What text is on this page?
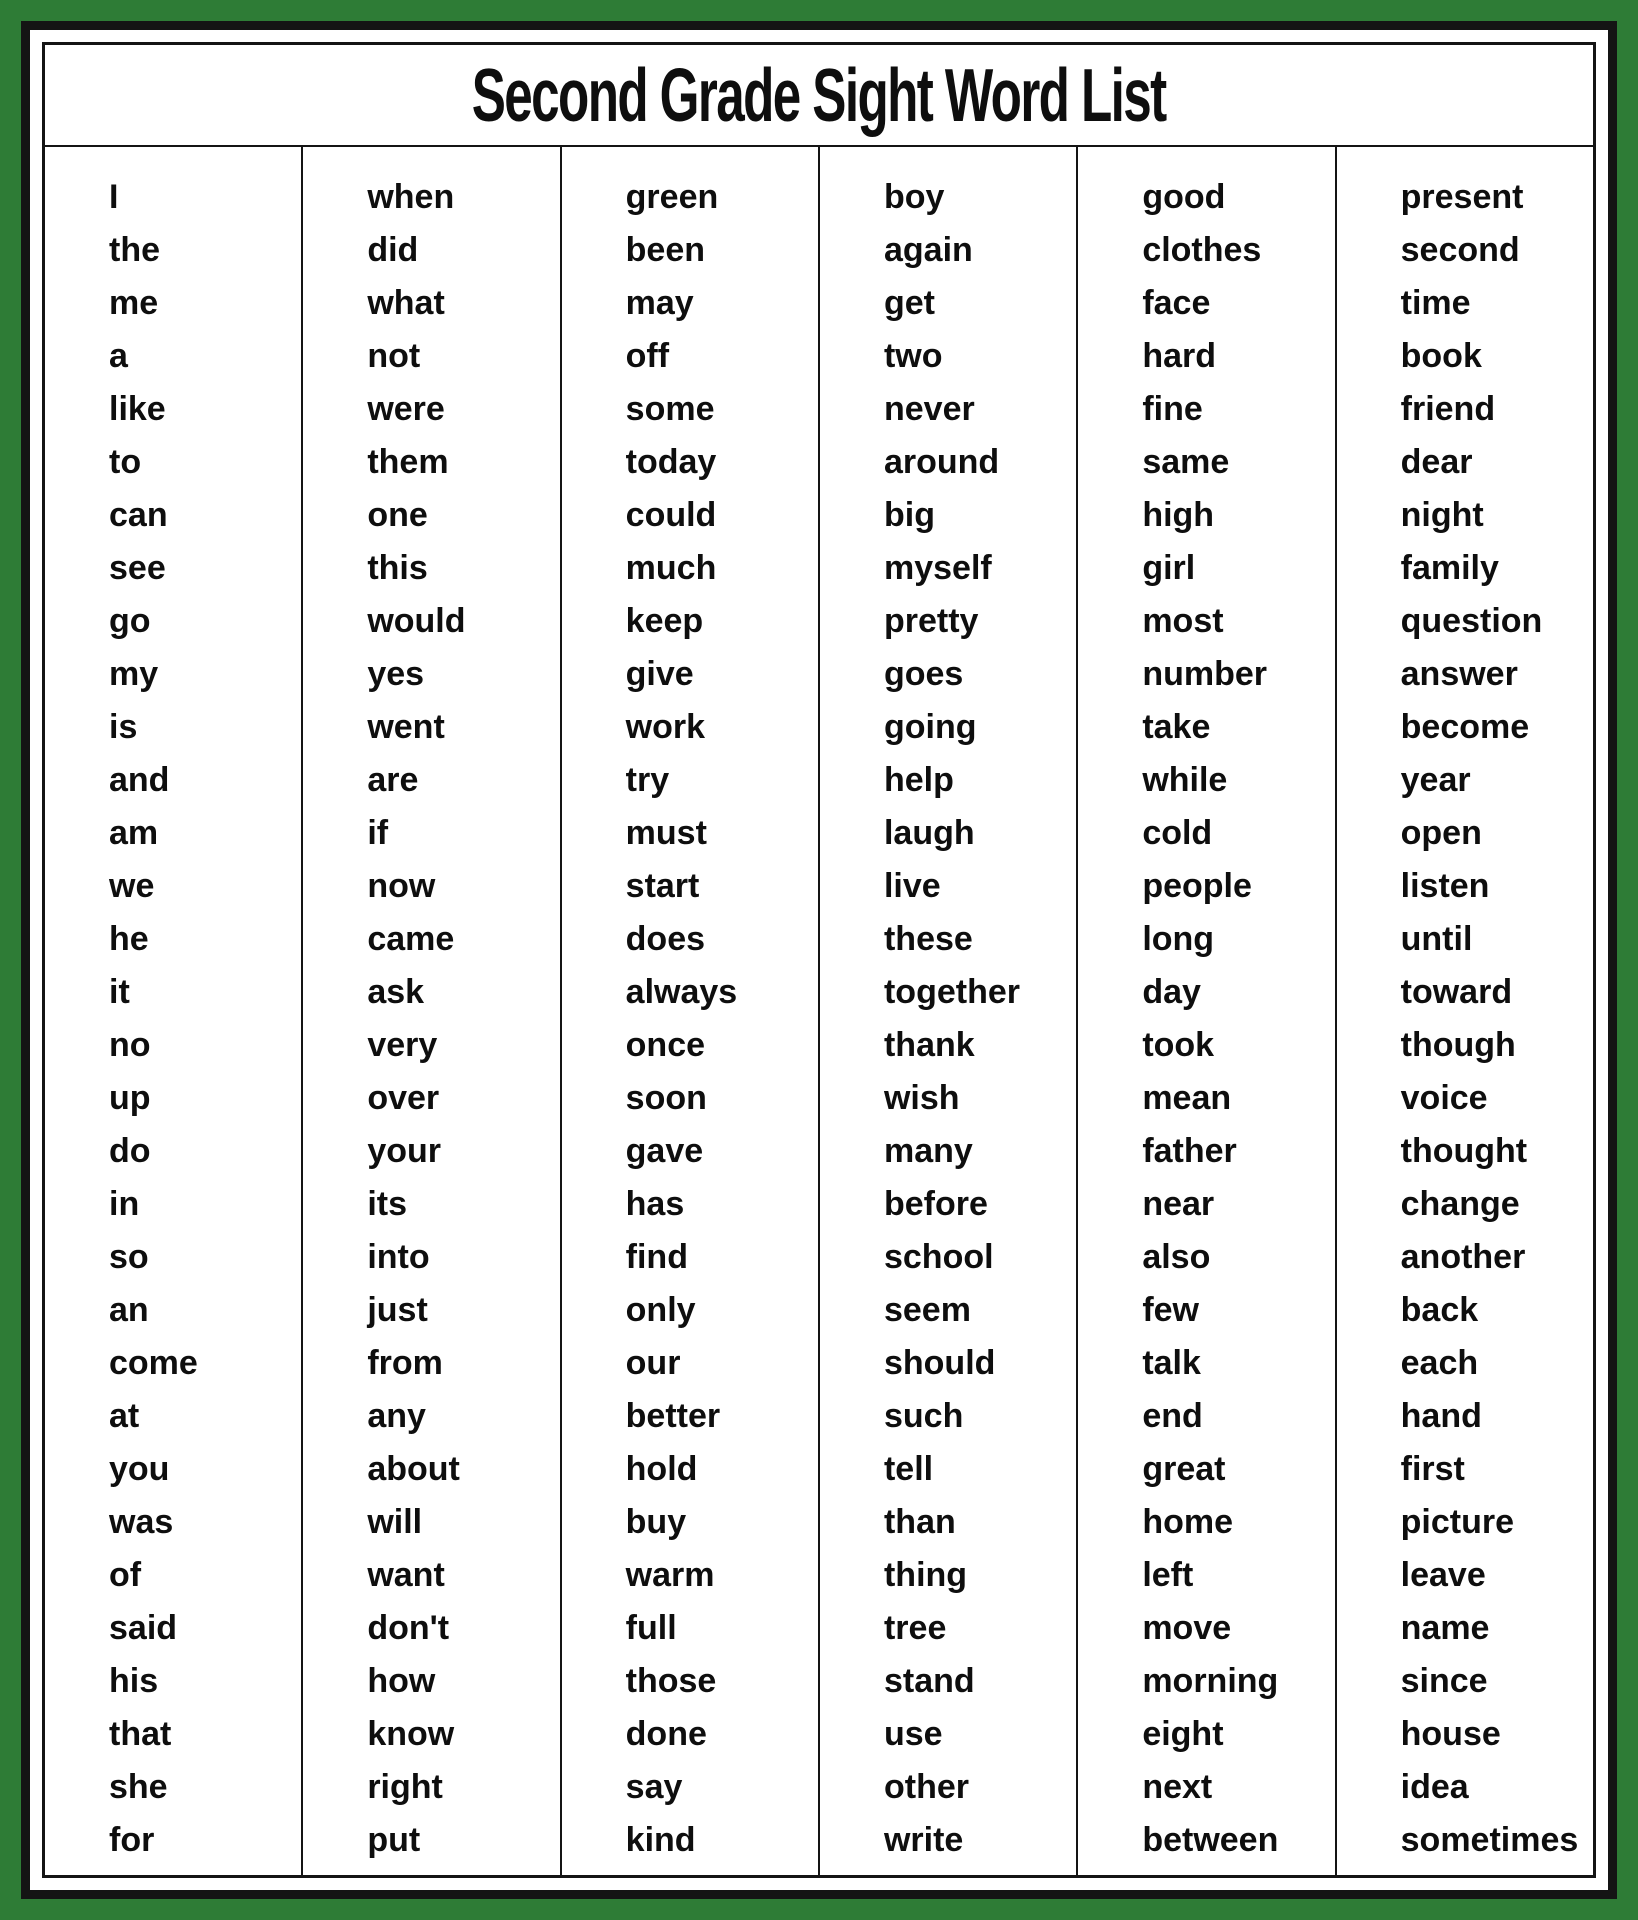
Second Grade Sight Word List
I
the
me
a
like
to
can
see
go
my
is
and
am
we
he
it
no
up
do
in
so
an
come
at
you
was
of
said
his
that
she
for
when
did
what
not
were
them
one
this
would
yes
went
are
if
now
came
ask
very
over
your
its
into
just
from
any
about
will
want
don't
how
know
right
put
green
been
may
off
some
today
could
much
keep
give
work
try
must
start
does
always
once
soon
gave
has
find
only
our
better
hold
buy
warm
full
those
done
say
kind
boy
again
get
two
never
around
big
myself
pretty
goes
going
help
laugh
live
these
together
thank
wish
many
before
school
seem
should
such
tell
than
thing
tree
stand
use
other
write
good
clothes
face
hard
fine
same
high
girl
most
number
take
while
cold
people
long
day
took
mean
father
near
also
few
talk
end
great
home
left
move
morning
eight
next
between
present
second
time
book
friend
dear
night
family
question
answer
become
year
open
listen
until
toward
though
voice
thought
change
another
back
each
hand
first
picture
leave
name
since
house
idea
sometimes
